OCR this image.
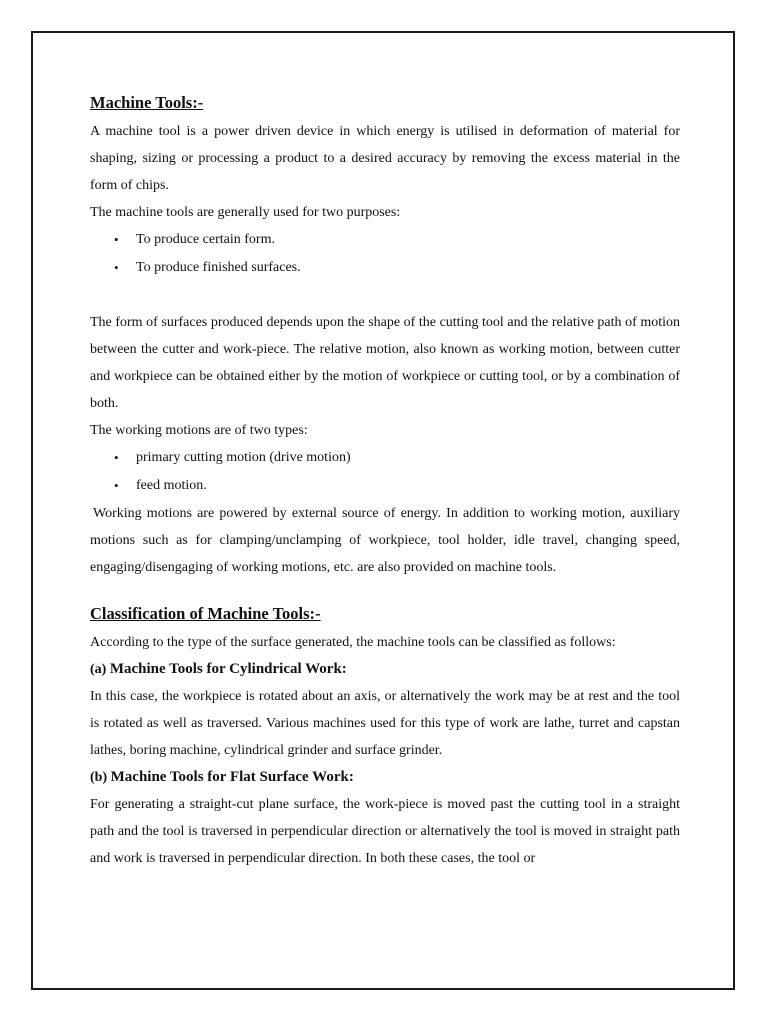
Machine Tools:-

A machine tool is a power driven device in which energy is utilised in deformation of material for shaping, sizing or processing a product to a desired accuracy by removing the excess material in the form of chips.

The machine tools are generally used for two purposes:

• To produce certain form.
• To produce finished surfaces.

The form of surfaces produced depends upon the shape of the cutting tool and the relative path of motion between the cutter and work-piece. The relative motion, also known as working motion, between cutter and workpiece can be obtained either by the motion of workpiece or cutting tool, or by a combination of both.

The working motions are of two types:

• primary cutting motion (drive motion)
• feed motion.

Working motions are powered by external source of energy. In addition to working motion, auxiliary motions such as for clamping/unclamping of workpiece, tool holder, idle travel, changing speed, engaging/disengaging of working motions, etc. are also provided on machine tools.

Classification of Machine Tools:-

According to the type of the surface generated, the machine tools can be classified as follows:

(a) Machine Tools for Cylindrical Work:

In this case, the workpiece is rotated about an axis, or alternatively the work may be at rest and the tool is rotated as well as traversed. Various machines used for this type of work are lathe, turret and capstan lathes, boring machine, cylindrical grinder and surface grinder.

(b) Machine Tools for Flat Surface Work:

For generating a straight-cut plane surface, the work-piece is moved past the cutting tool in a straight path and the tool is traversed in perpendicular direction or alternatively the tool is moved in straight path and work is traversed in perpendicular direction. In both these cases, the tool or
